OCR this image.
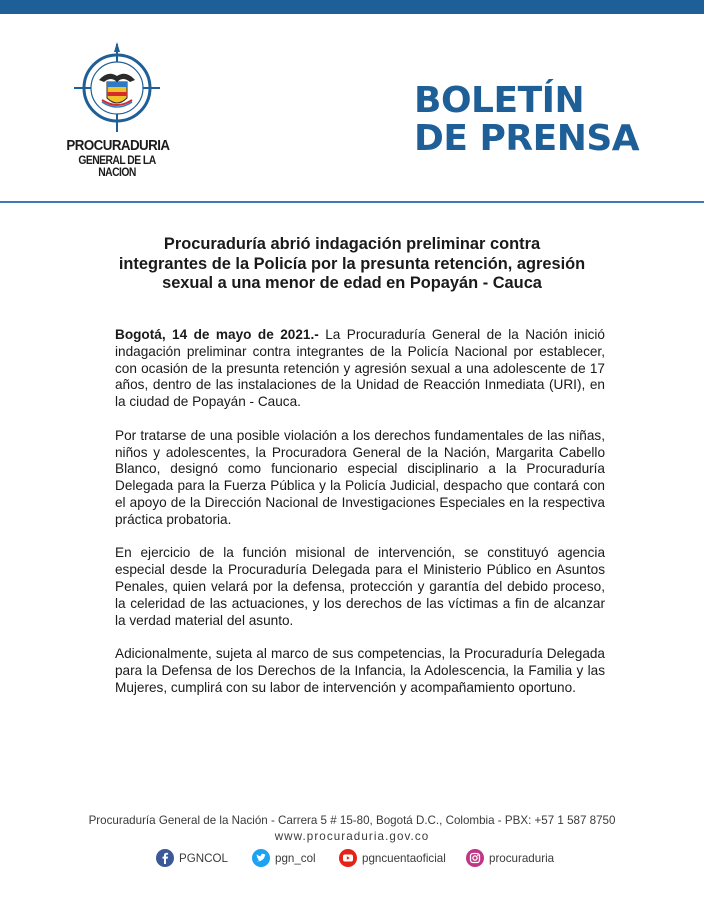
PROCURADURIA
GENERAL DE LA NACION
BOLETÍN
DE PRENSA
Procuraduría abrió indagación preliminar contra
integrantes de la Policía por la presunta retención, agresión
sexual a una menor de edad en Popayán - Cauca

Bogotá, 14 de mayo de 2021.- La Procuraduría General de la Nación inició indagación preliminar contra integrantes de la Policía Nacional por establecer, con ocasión de la presunta retención y agresión sexual a una adolescente de 17 años, dentro de las instalaciones de la Unidad de Reacción Inmediata (URI), en la ciudad de Popayán - Cauca.

Por tratarse de una posible violación a los derechos fundamentales de las niñas, niños y adolescentes, la Procuradora General de la Nación, Margarita Cabello Blanco, designó como funcionario especial disciplinario a la Procuraduría Delegada para la Fuerza Pública y la Policía Judicial, despacho que contará con el apoyo de la Dirección Nacional de Investigaciones Especiales en la respectiva práctica probatoria.

En ejercicio de la función misional de intervención, se constituyó agencia especial desde la Procuraduría Delegada para el Ministerio Público en Asuntos Penales, quien velará por la defensa, protección y garantía del debido proceso, la celeridad de las actuaciones, y los derechos de las víctimas a fin de alcanzar la verdad material del asunto.

Adicionalmente, sujeta al marco de sus competencias, la Procuraduría Delegada para la Defensa de los Derechos de la Infancia, la Adolescencia, la Familia y las Mujeres, cumplirá con su labor de intervención y acompañamiento oportuno.

Procuraduría General de la Nación - Carrera 5 # 15-80, Bogotá D.C., Colombia - PBX: +57 1 587 8750
www.procuraduria.gov.co
PGNCOL	pgn_col	pgncuentaoficial	procuraduria
